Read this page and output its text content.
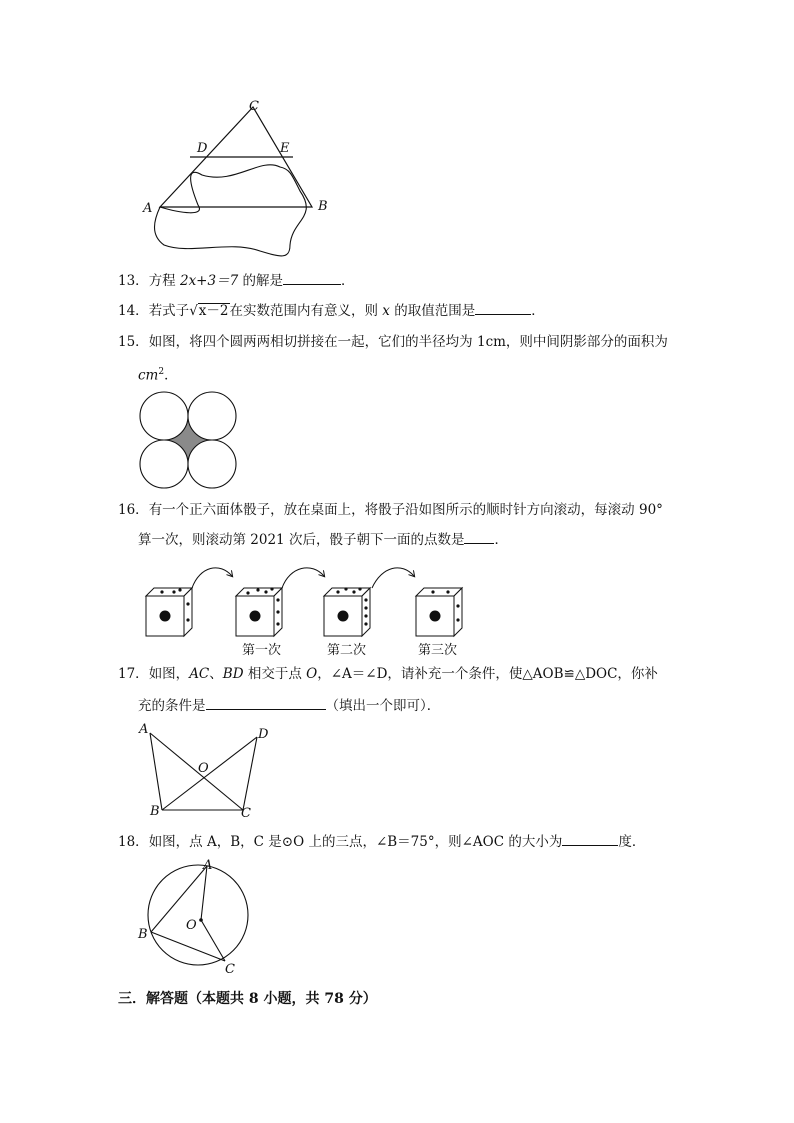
C
D	E
A	B
13．方程 2x+3＝7 的解是	．
14．若式子√x－2在实数范围内有意义，则 x 的取值范围是	．
15．如图，将四个圆两两相切拼接在一起，它们的半径均为 1cm，则中间阴影部分的面积为
$cm^2$．
16．有一个正六面体骰子，放在桌面上，将骰子沿如图所示的顺时针方向滚动，每滚动 90°
算一次，则滚动第 2021 次后，骰子朝下一面的点数是 ．
第一次	第二次	第三次
17．如图，AC、BD 相交于点 O，∠A＝∠D，请补充一个条件，使△AOB≌△DOC，你补
充的条件是	（填出一个即可）．
A	D
O
B	C
18．如图，点 A，B，C 是⊙O 上的三点，∠B＝75°，则∠AOC 的大小为	度．
A
O
B
C
三．解答题（本题共 8 小题，共 78 分）
